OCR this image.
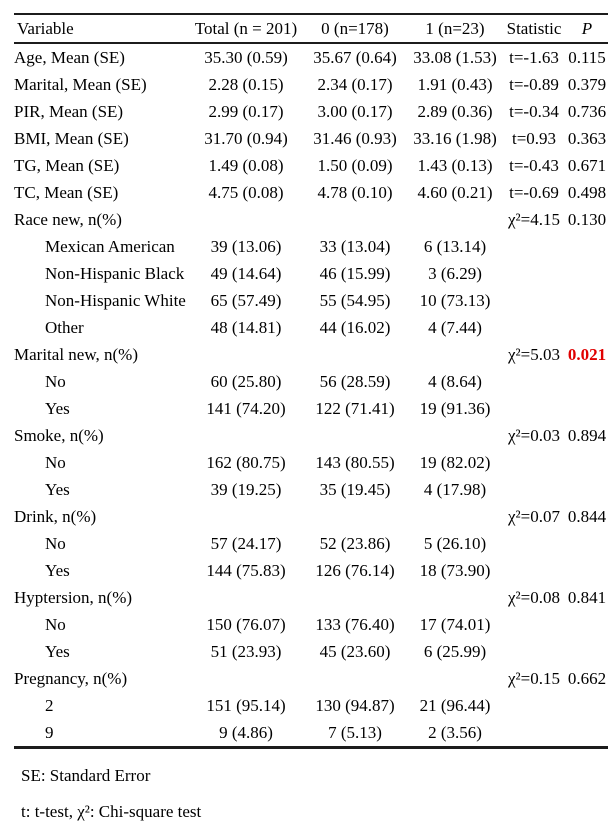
Variable	Total (n = 201)	0 (n=178)	1 (n=23)	Statistic	P
Age, Mean (SE)	35.30 (0.59)	35.67 (0.64)	33.08 (1.53)	t=-1.63	0.115
Marital, Mean (SE)	2.28 (0.15)	2.34 (0.17)	1.91 (0.43)	t=-0.89	0.379
PIR, Mean (SE)	2.99 (0.17)	3.00 (0.17)	2.89 (0.36)	t=-0.34	0.736
BMI, Mean (SE)	31.70 (0.94)	31.46 (0.93)	33.16 (1.98)	t=0.93	0.363
TG, Mean (SE)	1.49 (0.08)	1.50 (0.09)	1.43 (0.13)	t=-0.43	0.671
TC, Mean (SE)	4.75 (0.08)	4.78 (0.10)	4.60 (0.21)	t=-0.69	0.498
Race new, n(%)				χ²=4.15	0.130
Mexican American	39 (13.06)	33 (13.04)	6 (13.14)		
Non-Hispanic Black	49 (14.64)	46 (15.99)	3 (6.29)		
Non-Hispanic White	65 (57.49)	55 (54.95)	10 (73.13)		
Other	48 (14.81)	44 (16.02)	4 (7.44)		
Marital new, n(%)				χ²=5.03	0.021
No	60 (25.80)	56 (28.59)	4 (8.64)		
Yes	141 (74.20)	122 (71.41)	19 (91.36)		
Smoke, n(%)				χ²=0.03	0.894
No	162 (80.75)	143 (80.55)	19 (82.02)		
Yes	39 (19.25)	35 (19.45)	4 (17.98)		
Drink, n(%)				χ²=0.07	0.844
No	57 (24.17)	52 (23.86)	5 (26.10)		
Yes	144 (75.83)	126 (76.14)	18 (73.90)		
Hyptersion, n(%)				χ²=0.08	0.841
No	150 (76.07)	133 (76.40)	17 (74.01)		
Yes	51 (23.93)	45 (23.60)	6 (25.99)		
Pregnancy, n(%)				χ²=0.15	0.662
2	151 (95.14)	130 (94.87)	21 (96.44)		
9	9 (4.86)	7 (5.13)	2 (3.56)		

SE: Standard Error

t: t-test, χ²: Chi-square test
